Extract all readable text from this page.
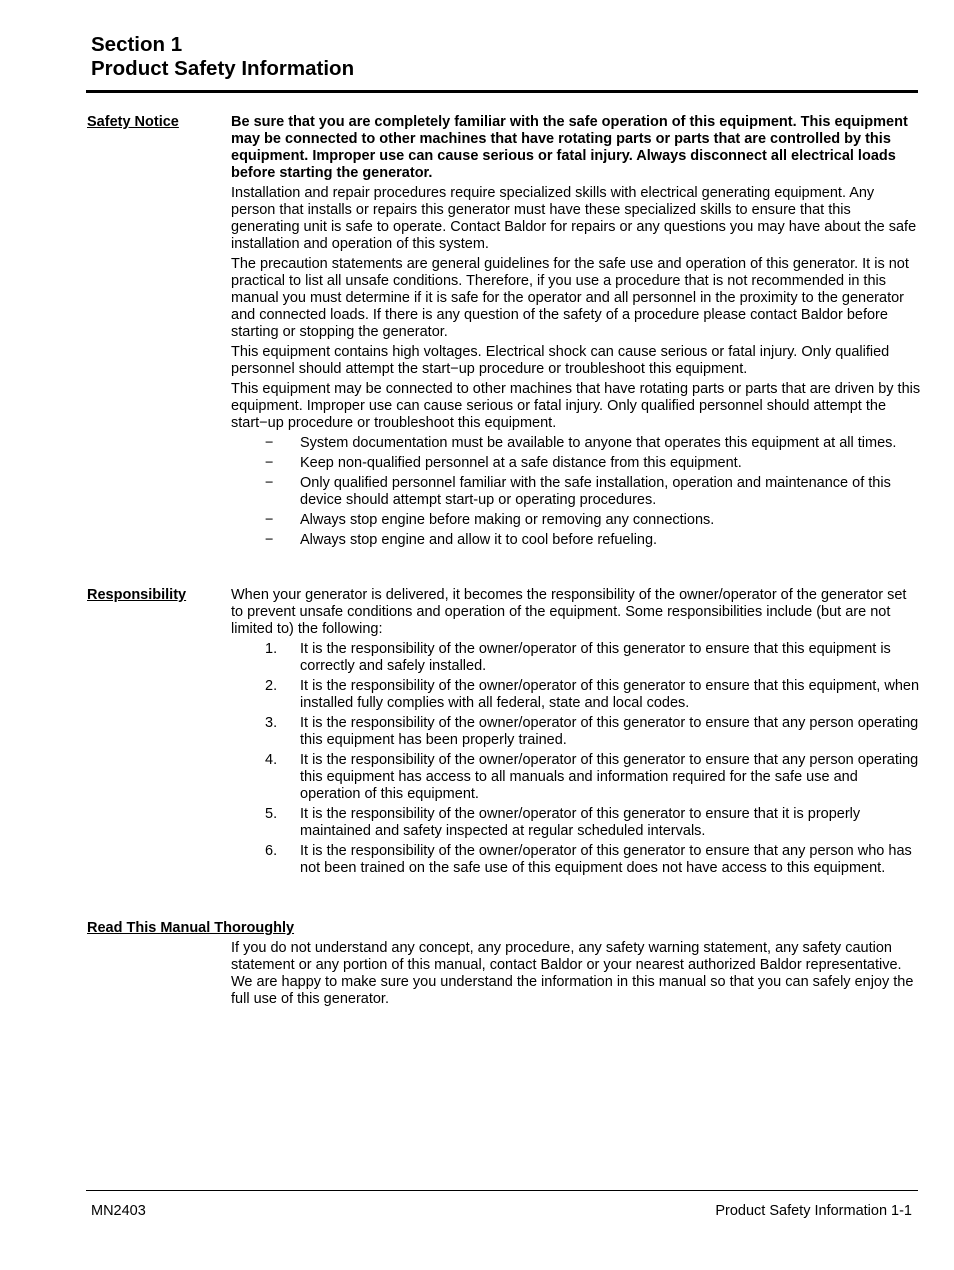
Section 1
Product Safety Information
Safety Notice	Be sure that you are completely familiar with the safe operation of this equipment. This equipment may be connected to other machines that have rotating parts or parts that are controlled by this equipment. Improper use can cause serious or fatal injury. Always disconnect all electrical loads before starting the generator.

Installation and repair procedures require specialized skills with electrical generating equipment. Any person that installs or repairs this generator must have these specialized skills to ensure that this generating unit is safe to operate. Contact Baldor for repairs or any questions you may have about the safe installation and operation of this system.

The precaution statements are general guidelines for the safe use and operation of this generator. It is not practical to list all unsafe conditions. Therefore, if you use a procedure that is not recommended in this manual you must determine if it is safe for the operator and all personnel in the proximity to the generator and connected loads. If there is any question of the safety of a procedure please contact Baldor before starting or stopping the generator.

This equipment contains high voltages. Electrical shock can cause serious or fatal injury. Only qualified personnel should attempt the start−up procedure or troubleshoot this equipment.

This equipment may be connected to other machines that have rotating parts or parts that are driven by this equipment. Improper use can cause serious or fatal injury. Only qualified personnel should attempt the start−up procedure or troubleshoot this equipment.

− System documentation must be available to anyone that operates this equipment at all times.
− Keep non-qualified personnel at a safe distance from this equipment.
− Only qualified personnel familiar with the safe installation, operation and maintenance of this device should attempt start-up or operating procedures.
− Always stop engine before making or removing any connections.
− Always stop engine and allow it to cool before refueling.
Responsibility	When your generator is delivered, it becomes the responsibility of the owner/operator of the generator set to prevent unsafe conditions and operation of the equipment. Some responsibilities include (but are not limited to) the following:

1. It is the responsibility of the owner/operator of this generator to ensure that this equipment is correctly and safely installed.
2. It is the responsibility of the owner/operator of this generator to ensure that this equipment, when installed fully complies with all federal, state and local codes.
3. It is the responsibility of the owner/operator of this generator to ensure that any person operating this equipment has been properly trained.
4. It is the responsibility of the owner/operator of this generator to ensure that any person operating this equipment has access to all manuals and information required for the safe use and operation of this equipment.
5. It is the responsibility of the owner/operator of this generator to ensure that it is properly maintained and safety inspected at regular scheduled intervals.
6. It is the responsibility of the owner/operator of this generator to ensure that any person who has not been trained on the safe use of this equipment does not have access to this equipment.
Read This Manual Thoroughly

If you do not understand any concept, any procedure, any safety warning statement, any safety caution statement or any portion of this manual, contact Baldor or your nearest authorized Baldor representative. We are happy to make sure you understand the information in this manual so that you can safely enjoy the full use of this generator.

MN2403	Product Safety Information 1-1
